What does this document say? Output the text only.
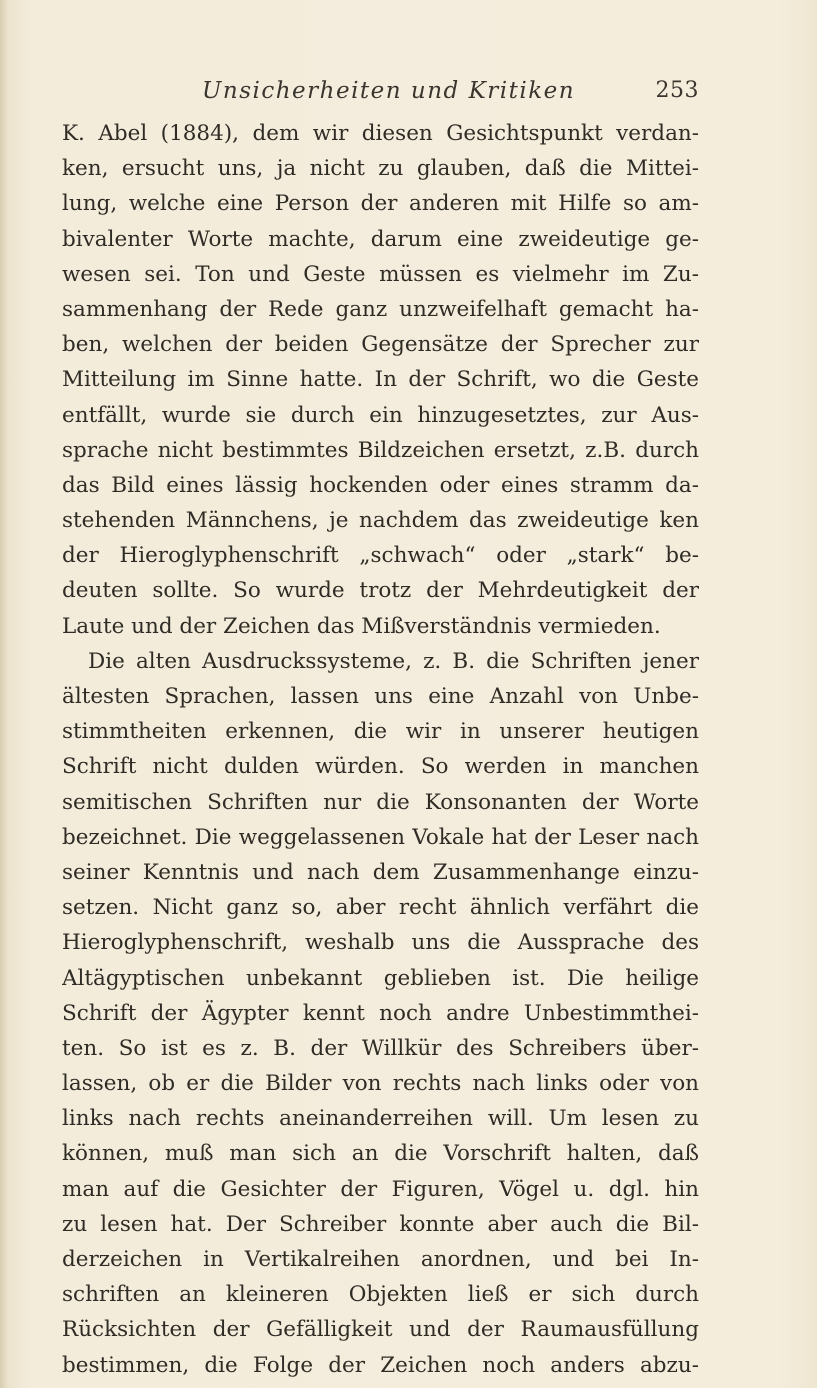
Unsicherheiten und Kritiken	253
K. Abel (1884), dem wir diesen Gesichtspunkt verdan-
ken, ersucht uns, ja nicht zu glauben, daß die Mittei-
lung, welche eine Person der anderen mit Hilfe so am-
bivalenter Worte machte, darum eine zweideutige ge-
wesen sei. Ton und Geste müssen es vielmehr im Zu-
sammenhang der Rede ganz unzweifelhaft gemacht ha-
ben, welchen der beiden Gegensätze der Sprecher zur
Mitteilung im Sinne hatte. In der Schrift, wo die Geste
entfällt, wurde sie durch ein hinzugesetztes, zur Aus-
sprache nicht bestimmtes Bildzeichen ersetzt, z.B. durch
das Bild eines lässig hockenden oder eines stramm da-
stehenden Männchens, je nachdem das zweideutige ken
der Hieroglyphenschrift „schwach“ oder „stark“ be-
deuten sollte. So wurde trotz der Mehrdeutigkeit der
Laute und der Zeichen das Mißverständnis vermieden.
Die alten Ausdruckssysteme, z. B. die Schriften jener
ältesten Sprachen, lassen uns eine Anzahl von Unbe-
stimmtheiten erkennen, die wir in unserer heutigen
Schrift nicht dulden würden. So werden in manchen
semitischen Schriften nur die Konsonanten der Worte
bezeichnet. Die weggelassenen Vokale hat der Leser nach
seiner Kenntnis und nach dem Zusammenhange einzu-
setzen. Nicht ganz so, aber recht ähnlich verfährt die
Hieroglyphenschrift, weshalb uns die Aussprache des
Altägyptischen unbekannt geblieben ist. Die heilige
Schrift der Ägypter kennt noch andre Unbestimmthei-
ten. So ist es z. B. der Willkür des Schreibers über-
lassen, ob er die Bilder von rechts nach links oder von
links nach rechts aneinanderreihen will. Um lesen zu
können, muß man sich an die Vorschrift halten, daß
man auf die Gesichter der Figuren, Vögel u. dgl. hin
zu lesen hat. Der Schreiber konnte aber auch die Bil-
derzeichen in Vertikalreihen anordnen, und bei In-
schriften an kleineren Objekten ließ er sich durch
Rücksichten der Gefälligkeit und der Raumausfüllung
bestimmen, die Folge der Zeichen noch anders abzu-
